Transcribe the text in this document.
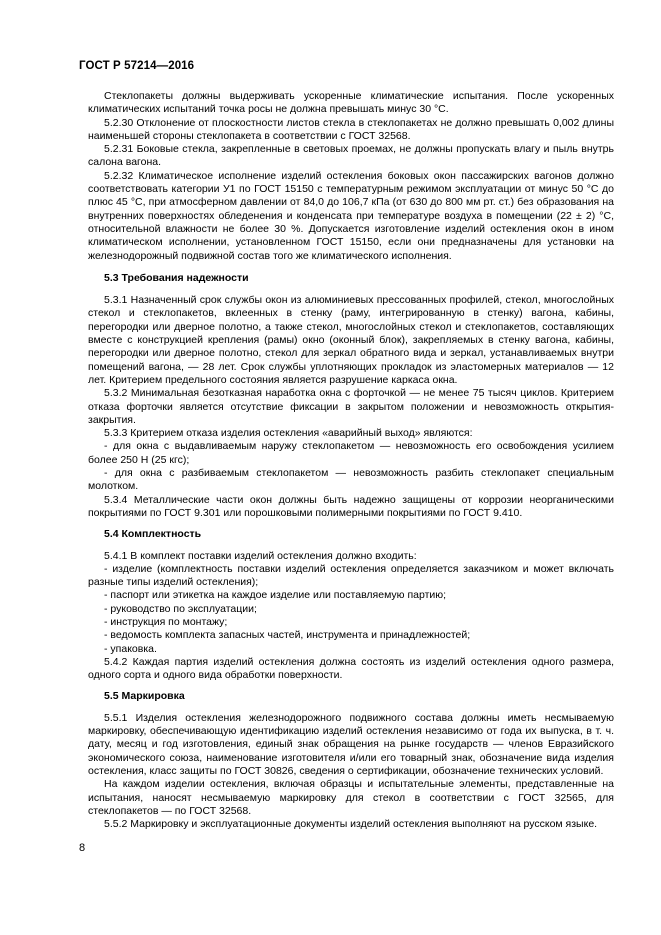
ГОСТ Р 57214—2016

Стеклопакеты должны выдерживать ускоренные климатические испытания. После ускоренных климатических испытаний точка росы не должна превышать минус 30 °С.

5.2.30 Отклонение от плоскостности листов стекла в стеклопакетах не должно превышать 0,002 длины наименьшей стороны стеклопакета в соответствии с ГОСТ 32568.

5.2.31 Боковые стекла, закрепленные в световых проемах, не должны пропускать влагу и пыль внутрь салона вагона.

5.2.32 Климатическое исполнение изделий остекления боковых окон пассажирских вагонов должно соответствовать категории У1 по ГОСТ 15150 с температурным режимом эксплуатации от минус 50 °С до плюс 45 °С, при атмосферном давлении от 84,0 до 106,7 кПа (от 630 до 800 мм рт. ст.) без образования на внутренних поверхностях обледенения и конденсата при температуре воздуха в помещении (22 ± 2) °С, относительной влажности не более 30 %. Допускается изготовление изделий остекления окон в ином климатическом исполнении, установленном ГОСТ 15150, если они предназначены для установки на железнодорожный подвижной состав того же климатического исполнения.

5.3 Требования надежности

5.3.1 Назначенный срок службы окон из алюминиевых прессованных профилей, стекол, многослойных стекол и стеклопакетов, вклеенных в стенку (раму, интегрированную в стенку) вагона, кабины, перегородки или дверное полотно, а также стекол, многослойных стекол и стеклопакетов, составляющих вместе с конструкцией крепления (рамы) окно (оконный блок), закрепляемых в стенку вагона, кабины, перегородки или дверное полотно, стекол для зеркал обратного вида и зеркал, устанавливаемых внутри помещений вагона, — 28 лет. Срок службы уплотняющих прокладок из эластомерных материалов — 12 лет. Критерием предельного состояния является разрушение каркаса окна.

5.3.2 Минимальная безотказная наработка окна с форточкой — не менее 75 тысяч циклов. Критерием отказа форточки является отсутствие фиксации в закрытом положении и невозможность открытия-закрытия.

5.3.3 Критерием отказа изделия остекления «аварийный выход» являются:

- для окна с выдавливаемым наружу стеклопакетом — невозможность его освобождения усилием более 250 Н (25 кгс);

- для окна с разбиваемым стеклопакетом — невозможность разбить стеклопакет специальным молотком.

5.3.4 Металлические части окон должны быть надежно защищены от коррозии неорганическими покрытиями по ГОСТ 9.301 или порошковыми полимерными покрытиями по ГОСТ 9.410.

5.4 Комплектность

5.4.1 В комплект поставки изделий остекления должно входить:

- изделие (комплектность поставки изделий остекления определяется заказчиком и может включать разные типы изделий остекления);

- паспорт или этикетка на каждое изделие или поставляемую партию;

- руководство по эксплуатации;

- инструкция по монтажу;

- ведомость комплекта запасных частей, инструмента и принадлежностей;

- упаковка.

5.4.2 Каждая партия изделий остекления должна состоять из изделий остекления одного размера, одного сорта и одного вида обработки поверхности.

5.5 Маркировка

5.5.1 Изделия остекления железнодорожного подвижного состава должны иметь несмываемую маркировку, обеспечивающую идентификацию изделий остекления независимо от года их выпуска, в т. ч. дату, месяц и год изготовления, единый знак обращения на рынке государств — членов Евразийского экономического союза, наименование изготовителя и/или его товарный знак, обозначение вида изделия остекления, класс защиты по ГОСТ 30826, сведения о сертификации, обозначение технических условий.

На каждом изделии остекления, включая образцы и испытательные элементы, представленные на испытания, наносят несмываемую маркировку для стекол в соответствии с ГОСТ 32565, для стеклопакетов — по ГОСТ 32568.

5.5.2 Маркировку и эксплуатационные документы изделий остекления выполняют на русском языке.

8
